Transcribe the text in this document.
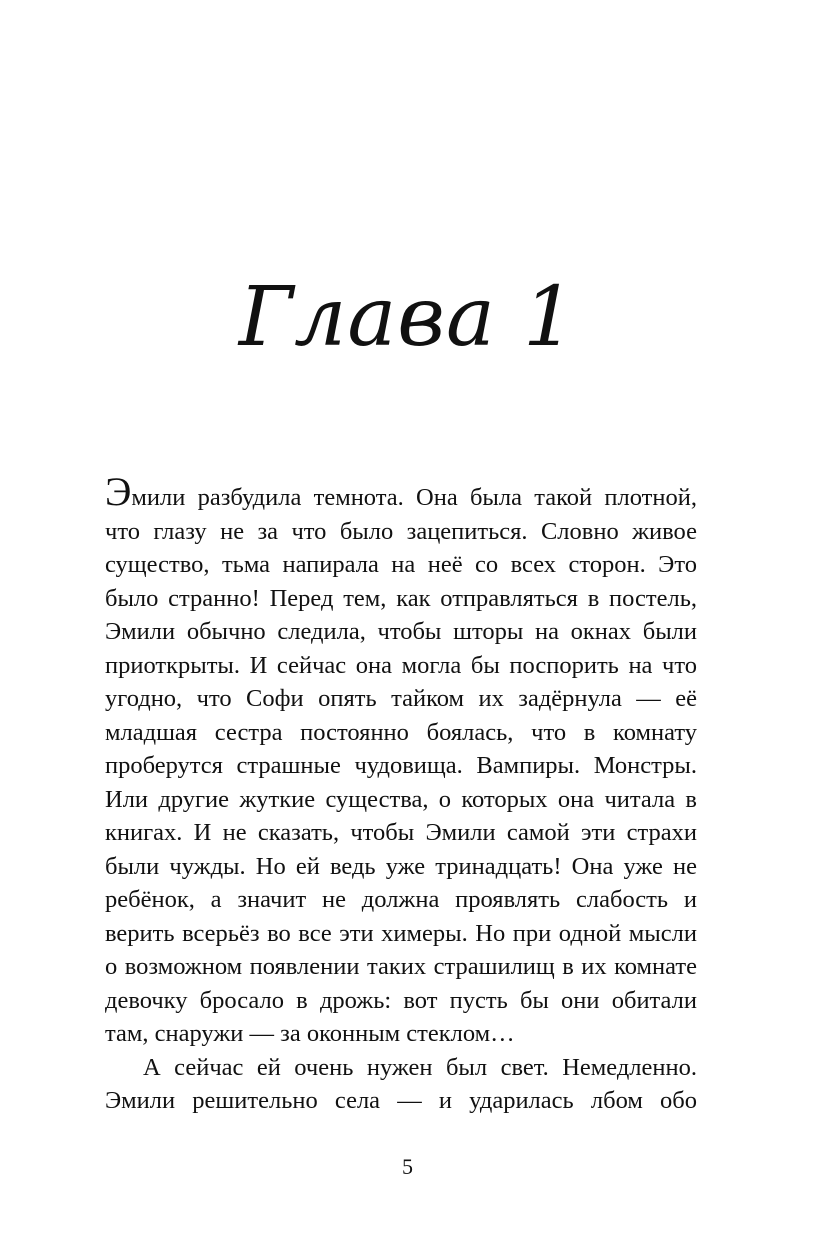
Глава 1

Эмили разбудила темнота. Она была такой плотной, что глазу не за что было зацепиться. Словно живое существо, тьма напирала на неё со всех сторон. Это было странно! Перед тем, как отправляться в постель, Эмили обычно следила, чтобы шторы на окнах были приоткрыты. И сейчас она могла бы поспорить на что угодно, что Софи опять тайком их задёрнула — её младшая сестра постоянно боялась, что в комнату проберутся страшные чудовища. Вампиры. Монстры. Или другие жуткие существа, о которых она читала в книгах. И не сказать, чтобы Эмили самой эти страхи были чужды. Но ей ведь уже тринадцать! Она уже не ребёнок, а значит не должна проявлять слабость и верить всерьёз во все эти химеры. Но при одной мысли о возможном появлении таких страшилищ в их комнате девочку бросало в дрожь: вот пусть бы они обитали там, снаружи — за оконным стеклом…

А сейчас ей очень нужен был свет. Немедленно. Эмили решительно села — и ударилась лбом обо

5
